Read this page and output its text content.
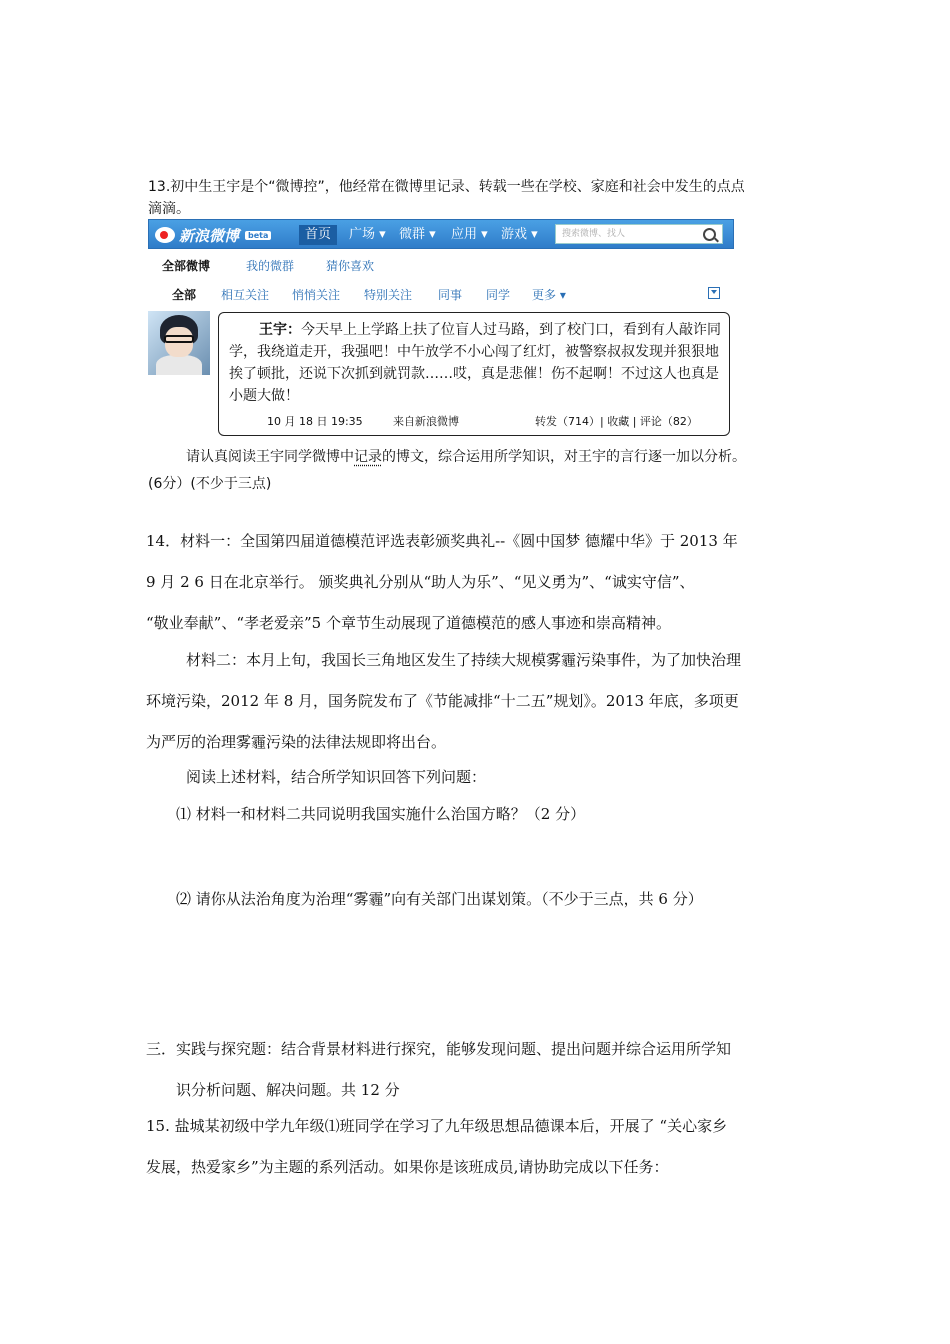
13.初中生王宇是个“微博控”，他经常在微博里记录、转载一些在学校、家庭和社会中发生的点点滴滴。
新浪微博	beta	首页	广场 ▾ 微群 ▾ 应用 ▾ 游戏 ▾	搜索微博、找人
全部微博	我的微群	猜你喜欢
全部 相互关注 悄悄关注 特别关注 同事 同学 更多 ▾
王宇：今天早上上学路上扶了位盲人过马路，到了校门口，看到有人敲诈同学，我绕道走开，我强吧！中午放学不小心闯了红灯，被警察叔叔发现并狠狠地挨了顿批，还说下次抓到就罚款……哎，真是悲催！伤不起啊！不过这人也真是小题大做！
10 月 18 日 19:35	来自新浪微博	转发（714）| 收藏 | 评论（82）
请认真阅读王宇同学微博中记录的博文，综合运用所学知识，对王宇的言行逐一加以分析。(6分）(不少于三点)
14．材料一：全国第四届道德模范评选表彰颁奖典礼--《圆中国梦 德耀中华》于 2013 年
9 月 2 6 日在北京举行。 颁奖典礼分别从“助人为乐”、“见义勇为”、“诚实守信”、
“敬业奉献”、“孝老爱亲”5 个章节生动展现了道德模范的感人事迹和崇高精神。
材料二：本月上旬，我国长三角地区发生了持续大规模雾霾污染事件，为了加快治理
环境污染，2012 年 8 月，国务院发布了《节能减排“十二五”规划》。2013 年底，多项更
为严厉的治理雾霾污染的法律法规即将出台。
阅读上述材料，结合所学知识回答下列问题：
⑴ 材料一和材料二共同说明我国实施什么治国方略？（2 分）
⑵ 请你从法治角度为治理“雾霾”向有关部门出谋划策。（不少于三点，共 6 分）
三．实践与探究题：结合背景材料进行探究，能够发现问题、提出问题并综合运用所学知
识分析问题、解决问题。共 12 分
15. 盐城某初级中学九年级⑴班同学在学习了九年级思想品德课本后，开展了 “关心家乡
发展，热爱家乡”为主题的系列活动。如果你是该班成员,请协助完成以下任务：
